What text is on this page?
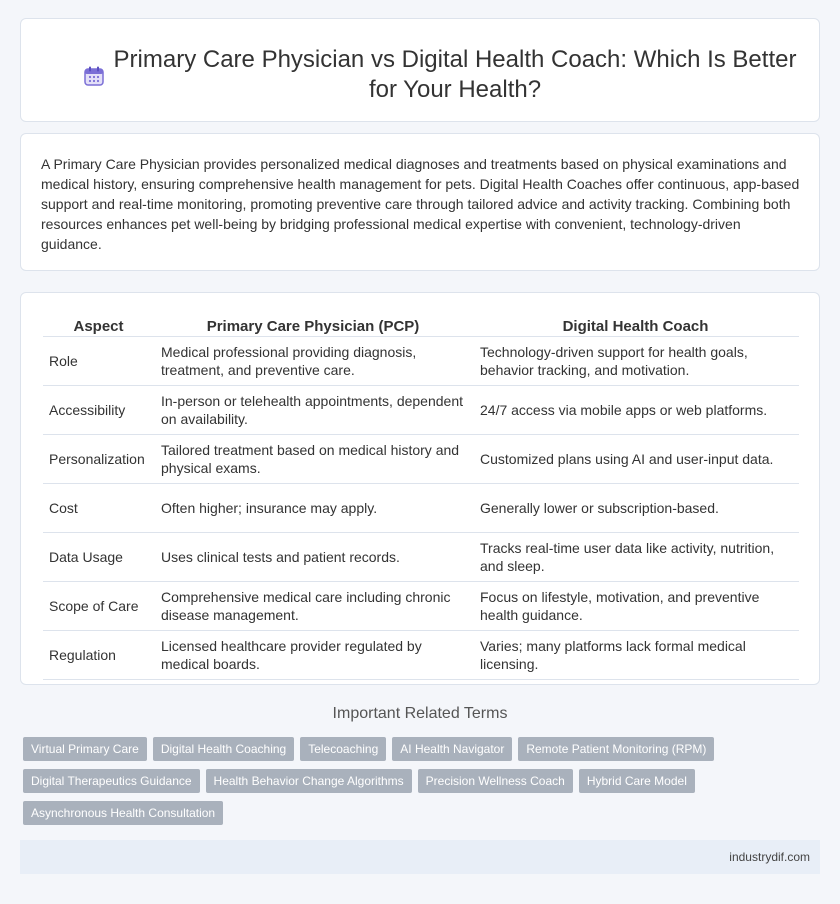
Primary Care Physician vs Digital Health Coach: Which Is Better for Your Health?

A Primary Care Physician provides personalized medical diagnoses and treatments based on physical examinations and medical history, ensuring comprehensive health management for pets. Digital Health Coaches offer continuous, app-based support and real-time monitoring, promoting preventive care through tailored advice and activity tracking. Combining both resources enhances pet well-being by bridging professional medical expertise with convenient, technology-driven guidance.

Aspect	Primary Care Physician (PCP)	Digital Health Coach
Role	Medical professional providing diagnosis, treatment, and preventive care.	Technology-driven support for health goals, behavior tracking, and motivation.
Accessibility	In-person or telehealth appointments, dependent on availability.	24/7 access via mobile apps or web platforms.
Personalization	Tailored treatment based on medical history and physical exams.	Customized plans using AI and user-input data.
Cost	Often higher; insurance may apply.	Generally lower or subscription-based.
Data Usage	Uses clinical tests and patient records.	Tracks real-time user data like activity, nutrition, and sleep.
Scope of Care	Comprehensive medical care including chronic disease management.	Focus on lifestyle, motivation, and preventive health guidance.
Regulation	Licensed healthcare provider regulated by medical boards.	Varies; many platforms lack formal medical licensing.
Important Related Terms
Virtual Primary Care	Digital Health Coaching	Telecoaching	AI Health Navigator	Remote Patient Monitoring (RPM)
Digital Therapeutics Guidance	Health Behavior Change Algorithms	Precision Wellness Coach	Hybrid Care Model
Asynchronous Health Consultation
industrydif.com
